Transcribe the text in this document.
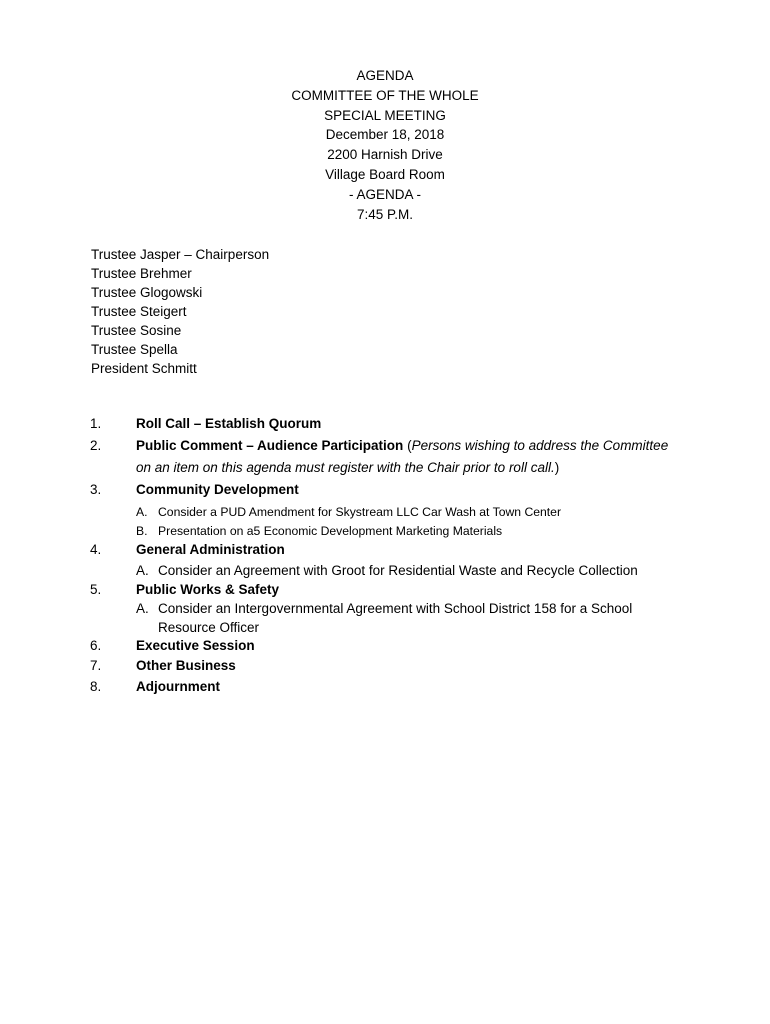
AGENDA
COMMITTEE OF THE WHOLE
SPECIAL MEETING
December 18, 2018
2200 Harnish Drive
Village Board Room
- AGENDA -
7:45 P.M.
Trustee Jasper – Chairperson
Trustee Brehmer
Trustee Glogowski
Trustee Steigert
Trustee Sosine
Trustee Spella
President Schmitt
1.	Roll Call – Establish Quorum
2.	Public Comment – Audience Participation (Persons wishing to address the Committee
on an item on this agenda must register with the Chair prior to roll call.)
3.	Community Development
A. Consider a PUD Amendment for Skystream LLC Car Wash at Town Center
B. Presentation on a5 Economic Development Marketing Materials
4.	General Administration
A. Consider an Agreement with Groot for Residential Waste and Recycle Collection
5.	Public Works & Safety
A. Consider an Intergovernmental Agreement with School District 158 for a School
Resource Officer
6.	Executive Session
7.	Other Business
8.	Adjournment
